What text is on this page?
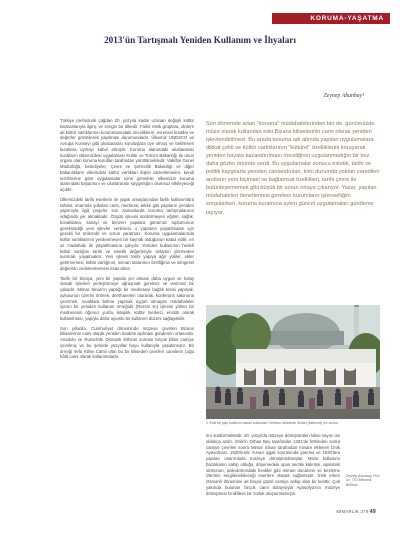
KORUMA-YAŞATMA
2013'ün Tartışmalı Yeniden Kullanım ve İhyaları
Zeynep Ahunbay¹

Türkiye prehistorik çağdan 20. yüzyıla kadar uzanan değişik kültür katmanlarıyla ilginç ve zengin bir ülkedir. Farklı etnik gruplara, dinlere ait kültür varlıklarının korunmasındaki önceliklerin, evrensel kurallar ve değerler gözetilerek yapılması durumundadır. Ülkemiz UNESCO ve Avrupa Konseyi gibi uluslararası kuruluşlara üye olmuş ve belirlenen kurallara uymayı kabul etmiştir. Koruma alanındaki uluslararası kuralların ülkemizdeki uygulaması Kültür ve Turizm Bakanlığı ile onun organı olan koruma kurulları tarafından yürütülmektedir. Vakıflar Genel Müdürlüğü, belediyeler, Çevre ve Şehircilik Bakanlığı ve diğer bakanlıkların ellerindeki kültür varlıkları ilişkin düzenlemeleri, kendi tercihlerine göre uygulamalar içine girmekte; ülkemizin koruma alanındaki başarısını ve uluslararası saygınlığını olumsuz etkileyeceği açıktır.

Ülkemizdeki tarihi eserlerin ile yapıtı amaçlarından farklı kullanımlara tahsisi, onarımla yokolan canlı, medrese, tekke gibi yapıların yeniden yapımıyla ilgili projeler son zamanlarda koruma tartışmalarının odağında yer almaktadır. Özgün işlevini sürdürmeyen eğitim, sağlık, konaklama, sanayi ve benzeri yapılara günümüz toplumunun gereksindiği yeni işlevler verilmesi, o yapıların yaşatılmaları için gerekli bir önlemdir ve sorun yaratmaz. Koruma uygulamalarında kültür varlıklarının yenilenmeyen bir kaynak olduğunun kabul edilir, en az müdahale ile yaşatılmasına çalışılır. Yeniden kullanımın hedefi kültür varlığını tarihi ve estetik değerleriyle anlamın yitirmeden sunmak, yaşatmaktır. Yeni işlevin tarihi yapıya ağır yükler, ekler getirmemesi, kültür varlığının, miman tasarımın özelliğinin ve simgesel değerinin zedelenmemesi esas alınır.

Tarihi bir binaya, yeni bir yapıda yer alması daha uygun ve kolay olacak işlevleri yerleştirmeye uğraşmak gereksiz ve verimsiz bir çabadır. Mimar Sinan'ın yaptığı bir medreseyi bağlık tesisi yapmak, avlusunun üzerini örtmek, dershaneleri oturarak, konferans salonuna çevirmek, revaklara bölme yapmak uygun olmayan müdahaleler içeren bir yeniden kullanım örneğidir (Rezzin Kı) işlevini yitiren bir medresenin öğrenci yurdu, kitaplık, kültür merkezi, enstitü olarak kullanılması, yapıyla daha uyumlu bir kullanım düzeni sağlayabilir.

Son yıllarda, Cumhuriyet döneminde müzeye çevrilen Bizans kiliselerinin cami olarak yeniden ibadete açılması gündemin ortasında. Anadolu ve Rumeli'de Osmanlı fethinin sonrası birçok kilise camiye çevrilmiş ve bu şehirde yüzyıllar boyu kullanıyla yaşatılmıştır. Bir örneği Vefa Kilise Camii olan bu bir kiliseden çevrilen camilerin çoğu hâlâ cami olarak kullanımdadır.

Son dönemde artan "koruma" müdahalelerinden biri de, günümüzde müze olarak kullanılan eski Bizans kiliselerinin cami olarak yeniden işlevlendirilmesi. Bu arada koruma adı altında yapılan uygulamalara dikkat çekti ve kültür varlıklarının "kültürel" özelliklerini koruyarak yeniden hayata kazandırılması önceliğinin uygulanmadığın bir kez daha gözler önünde serdi. Bu uygulamalar sonucu estetik, tarihi ve politik kaygılarla yeniden canlandırılan, kimi durumda yoktan varedilen anıtların yeni biçimsel ve bağlamsal özellikleri, tarihi çevre ile bütünleşememek gibi büyük bir sorun ortaya çıkarıyor. Yazar, yapılan müdahaleleri denetlemesi gereken kurumların işlevselliğini sorgularken, koruma kuramına aykırı güncel uygulamaları gündeme taşıyor.
1. Eski bir yapı kullanım olarak kullanılan Cehebur Mihrimah Sultan (Mahmut) (ve zulmu.
rini sürdürmektedir. 20. yüzyılda müzeye dönüştürülen kilise sayısı ise oldukça azdır. İznik'in Orhan Bey tarafından 1331'de fethinden sonra camiye çevrilen sonra Mimar Sinan tarafından minare eklenen İznik Ayasofyası, 1920'lerde Yunan işgali sonrasında yanmış ve 1930'lara yapılan onarımlarla müzeye dönüştürülmüştür. Müze kullanımı bazılıkanın sahip olduğu, döşemedeki opus sectile kalıntısı, apsisteki sintronon, paleolotrondaki freskler gibi miman donanımı ve bezleme izlerinin sergilenebileceği eserlere olanak sağlamıştır. İznik erken Osmanlı dönemine ait birçok güzel camiye sahip olan bir kenttir. Çok yakında bulunan birçok cami dolayısıyla Ayasofya'nın müzeye dönüşmesi İzniklilere bir zorluk oluşturmamıştır.
Zeynep Ahunbay, Prof. Dr., İTÜ Mimarlık Bölümü
MİMARLIK 379 49
